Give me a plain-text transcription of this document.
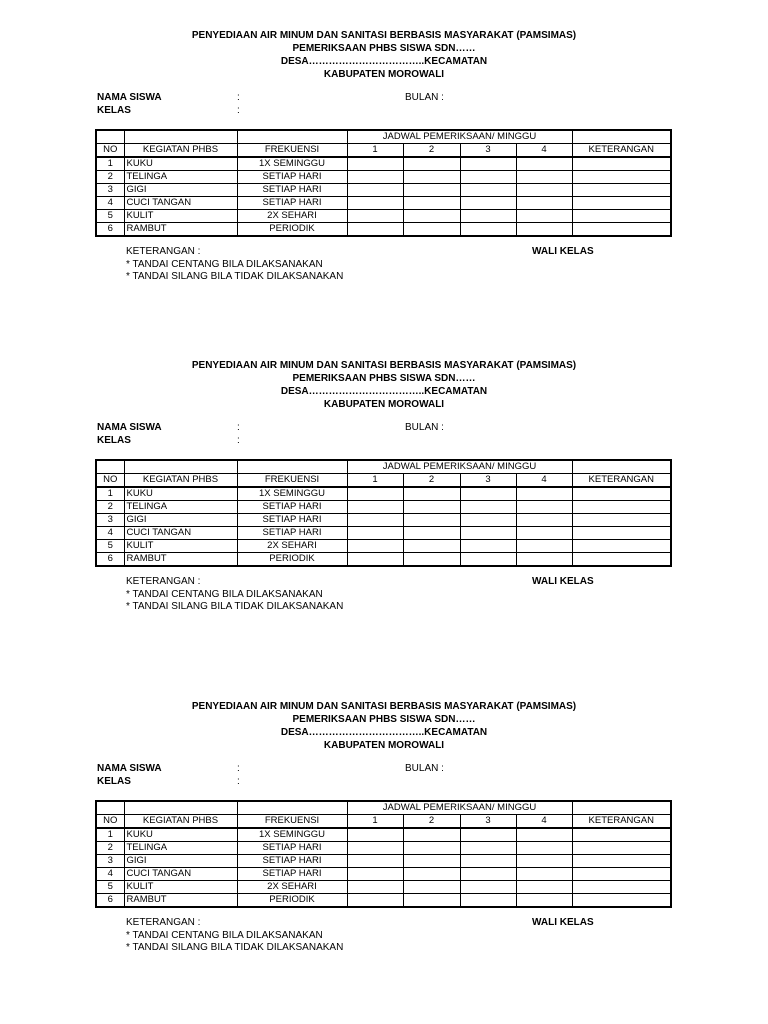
PENYEDIAAN AIR MINUM DAN SANITASI BERBASIS MASYARAKAT (PAMSIMAS)
PEMERIKSAAN PHBS SISWA SDN……
DESA……………………………..KECAMATAN
KABUPATEN MOROWALI
NAMA SISWA	:	BULAN :
KELAS	:
			JADWAL PEMERIKSAAN/ MINGGU				
NO	KEGIATAN PHBS	FREKUENSI	1	2	3	4	KETERANGAN
1	KUKU	1X SEMINGGU					
2	TELINGA	SETIAP HARI					
3	GIGI	SETIAP HARI					
4	CUCI TANGAN	SETIAP HARI					
5	KULIT	2X SEHARI					
6	RAMBUT	PERIODIK					
KETERANGAN :	WALI KELAS
* TANDAI CENTANG BILA DILAKSANAKAN
* TANDAI SILANG BILA TIDAK DILAKSANAKAN
PENYEDIAAN AIR MINUM DAN SANITASI BERBASIS MASYARAKAT (PAMSIMAS)
PEMERIKSAAN PHBS SISWA SDN……
DESA……………………………..KECAMATAN
KABUPATEN MOROWALI
NAMA SISWA	:	BULAN :
KELAS	:
			JADWAL PEMERIKSAAN/ MINGGU				
NO	KEGIATAN PHBS	FREKUENSI	1	2	3	4	KETERANGAN
1	KUKU	1X SEMINGGU					
2	TELINGA	SETIAP HARI					
3	GIGI	SETIAP HARI					
4	CUCI TANGAN	SETIAP HARI					
5	KULIT	2X SEHARI					
6	RAMBUT	PERIODIK					
KETERANGAN :	WALI KELAS
* TANDAI CENTANG BILA DILAKSANAKAN
* TANDAI SILANG BILA TIDAK DILAKSANAKAN
PENYEDIAAN AIR MINUM DAN SANITASI BERBASIS MASYARAKAT (PAMSIMAS)
PEMERIKSAAN PHBS SISWA SDN……
DESA……………………………..KECAMATAN
KABUPATEN MOROWALI
NAMA SISWA	:	BULAN :
KELAS	:
			JADWAL PEMERIKSAAN/ MINGGU				
NO	KEGIATAN PHBS	FREKUENSI	1	2	3	4	KETERANGAN
1	KUKU	1X SEMINGGU					
2	TELINGA	SETIAP HARI					
3	GIGI	SETIAP HARI					
4	CUCI TANGAN	SETIAP HARI					
5	KULIT	2X SEHARI					
6	RAMBUT	PERIODIK					
KETERANGAN :	WALI KELAS
* TANDAI CENTANG BILA DILAKSANAKAN
* TANDAI SILANG BILA TIDAK DILAKSANAKAN
